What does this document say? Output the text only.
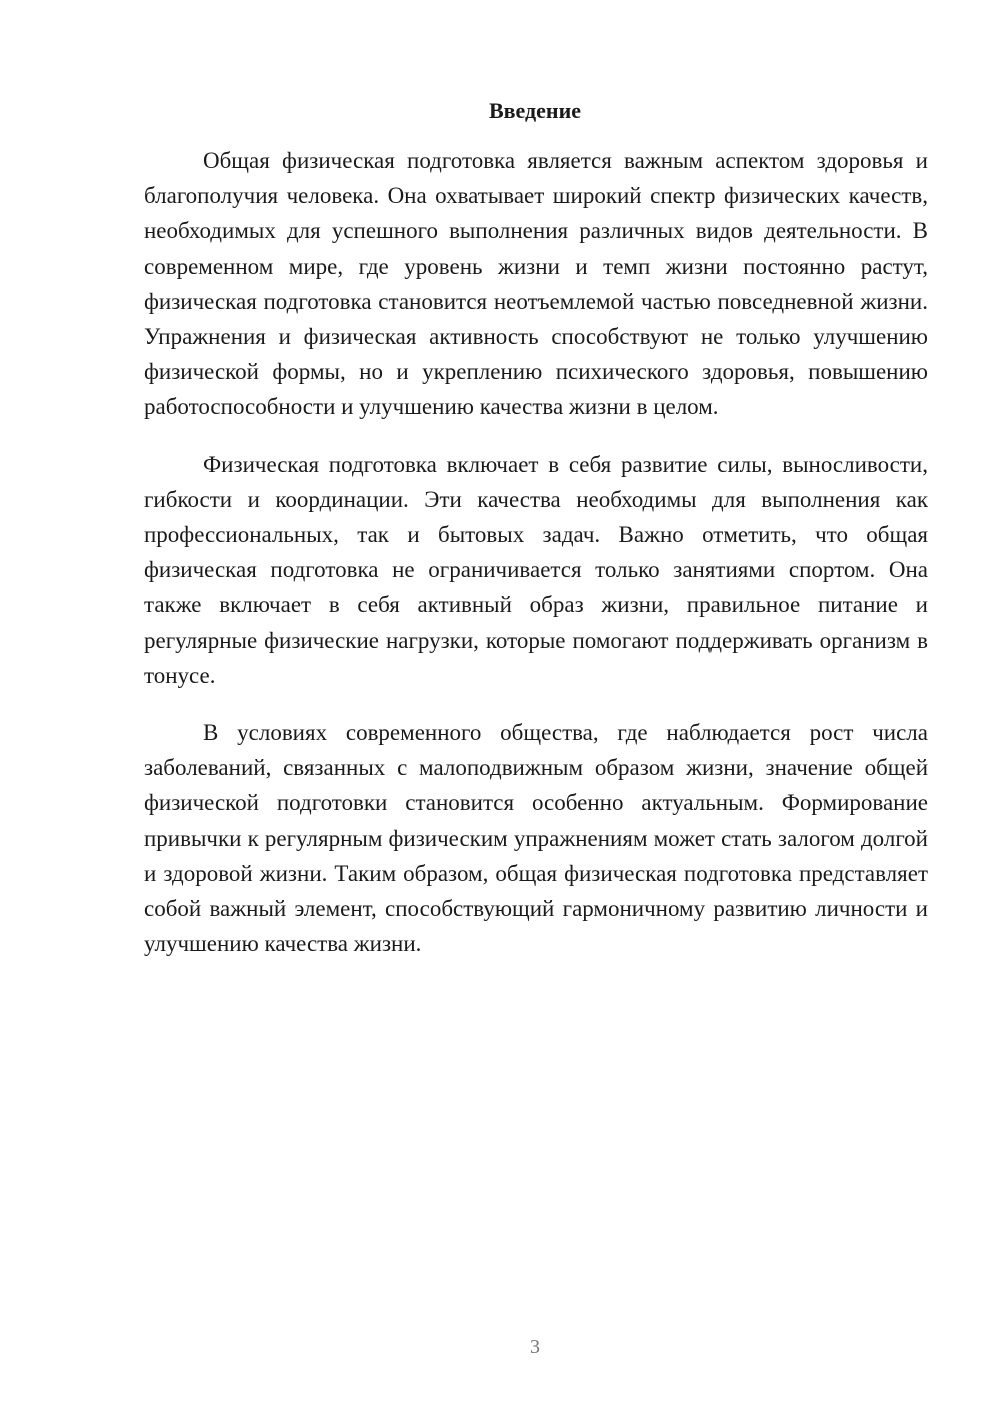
Введение

Общая физическая подготовка является важным аспектом здоровья и благополучия человека. Она охватывает широкий спектр физических качеств, необходимых для успешного выполнения различных видов деятельности. В современном мире, где уровень жизни и темп жизни постоянно растут, физическая подготовка становится неотъемлемой частью повседневной жизни. Упражнения и физическая активность способствуют не только улучшению физической формы, но и укреплению психического здоровья, повышению работоспособности и улучшению качества жизни в целом.

Физическая подготовка включает в себя развитие силы, выносливости, гибкости и координации. Эти качества необходимы для выполнения как профессиональных, так и бытовых задач. Важно отметить, что общая физическая подготовка не ограничивается только занятиями спортом. Она также включает в себя активный образ жизни, правильное питание и регулярные физические нагрузки, которые помогают поддерживать организм в тонусе.

В условиях современного общества, где наблюдается рост числа заболеваний, связанных с малоподвижным образом жизни, значение общей физической подготовки становится особенно актуальным. Формирование привычки к регулярным физическим упражнениям может стать залогом долгой и здоровой жизни. Таким образом, общая физическая подготовка представляет собой важный элемент, способствующий гармоничному развитию личности и улучшению качества жизни.

3
